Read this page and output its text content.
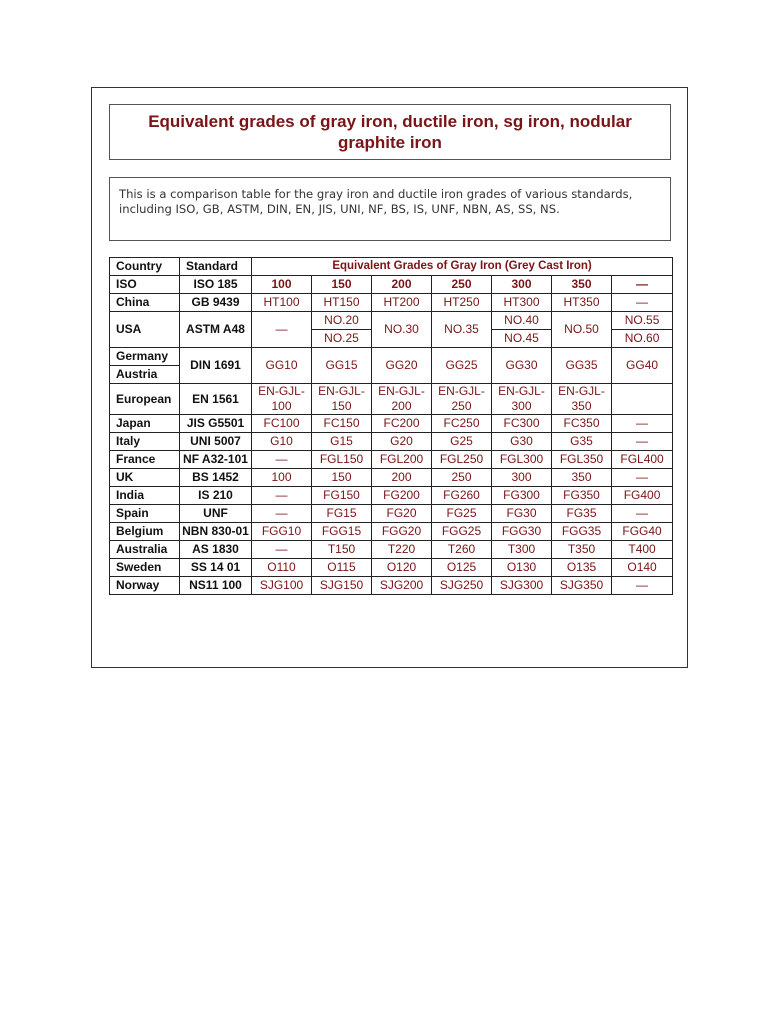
Equivalent grades of gray iron, ductile iron, sg iron, nodular graphite iron
This is a comparison table for the gray iron and ductile iron grades of various standards, including ISO, GB, ASTM, DIN, EN, JIS, UNI, NF, BS, IS, UNF, NBN, AS, SS, NS.
Country	Standard	Equivalent Grades of Gray Iron (Grey Cast Iron)						
ISO	ISO 185	100	150	200	250	300	350	—
China	GB 9439	HT100	HT150	HT200	HT250	HT300	HT350	—
USA	ASTM A48	—	NO.20	NO.30	NO.35	NO.40	NO.50	NO.55
			NO.25			NO.45		NO.60
Germany	DIN 1691	GG10	GG15	GG20	GG25	GG30	GG35	GG40
Austria								
European	EN 1561	EN-GJL-100	EN-GJL-150	EN-GJL-200	EN-GJL-250	EN-GJL-300	EN-GJL-350	
Japan	JIS G5501	FC100	FC150	FC200	FC250	FC300	FC350	—
Italy	UNI 5007	G10	G15	G20	G25	G30	G35	—
France	NF A32-101	—	FGL150	FGL200	FGL250	FGL300	FGL350	FGL400
UK	BS 1452	100	150	200	250	300	350	—
India	IS 210	—	FG150	FG200	FG260	FG300	FG350	FG400
Spain	UNF	—	FG15	FG20	FG25	FG30	FG35	—
Belgium	NBN 830-01	FGG10	FGG15	FGG20	FGG25	FGG30	FGG35	FGG40
Australia	AS 1830	—	T150	T220	T260	T300	T350	T400
Sweden	SS 14 01	O110	O115	O120	O125	O130	O135	O140
Norway	NS11 100	SJG100	SJG150	SJG200	SJG250	SJG300	SJG350	—
